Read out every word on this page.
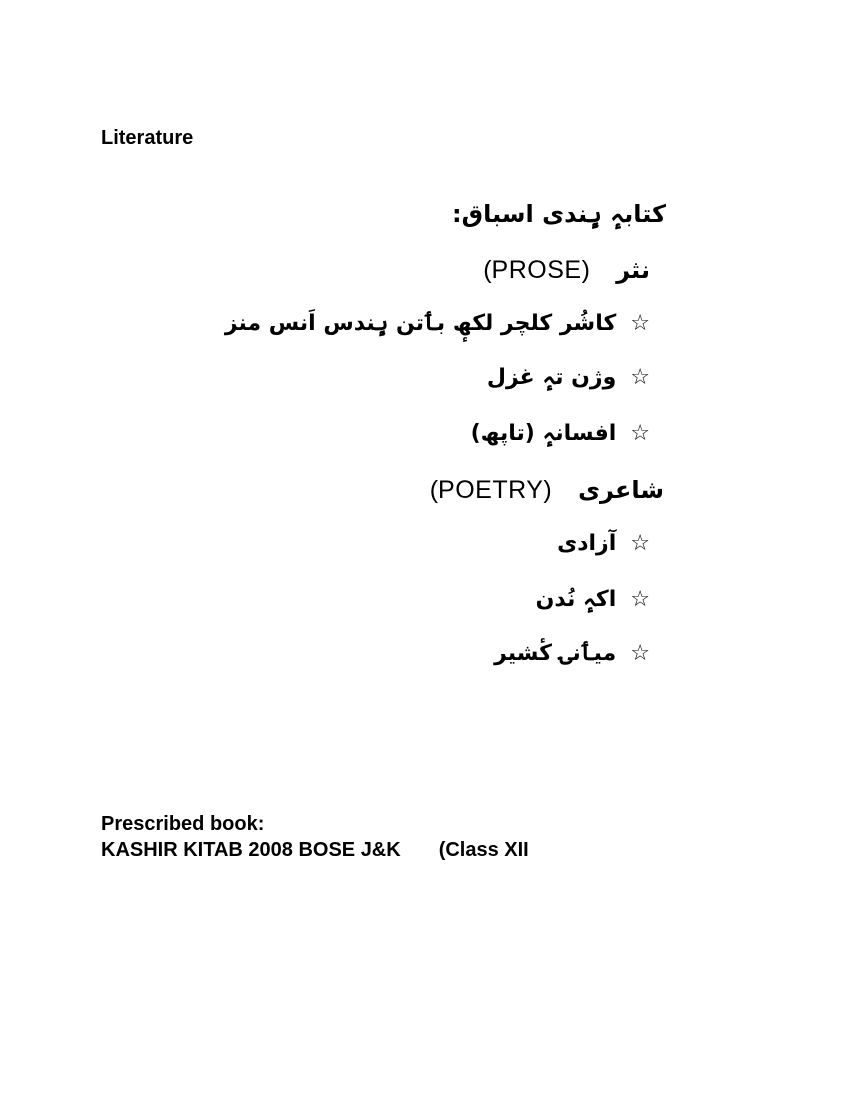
Literature
کتابہٕ ہٕندی اسباق:
نثر (PROSE)
☆کاشُر کلچر لکھٕ بٲتن ہٕندس اَنس منز
☆وژن تہٕ غزل
☆افسانہٕ (تاپھ)
شاعری (POETRY)
☆آزادی
☆اکہٕ نُدن
☆میٲنۍ کٔشیر
Prescribed book:
KASHIR KITAB 2008 BOSE J&K (Class XII
